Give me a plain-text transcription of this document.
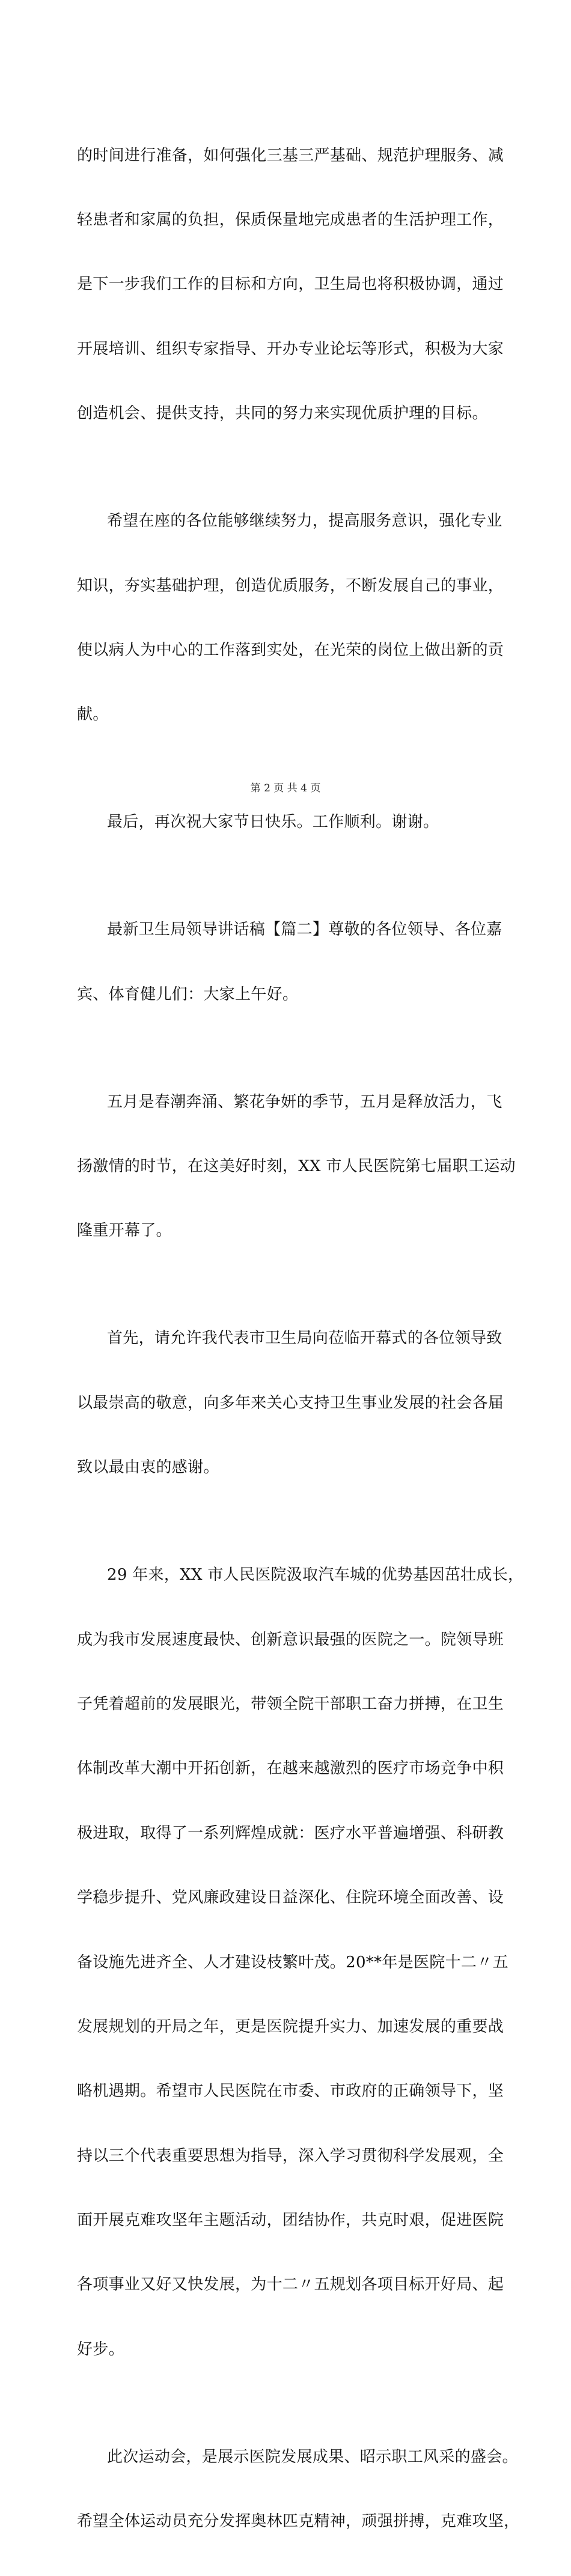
的时间进行准备，如何强化三基三严基础、规范护理服务、减

轻患者和家属的负担，保质保量地完成患者的生活护理工作，

是下一步我们工作的目标和方向，卫生局也将积极协调，通过

开展培训、组织专家指导、开办专业论坛等形式，积极为大家

创造机会、提供支持，共同的努力来实现优质护理的目标。

希望在座的各位能够继续努力，提高服务意识，强化专业

知识，夯实基础护理，创造优质服务，不断发展自己的事业，

使以病人为中心的工作落到实处，在光荣的岗位上做出新的贡

献。

最后，再次祝大家节日快乐。工作顺利。谢谢。

最新卫生局领导讲话稿【篇二】尊敬的各位领导、各位嘉

宾、体育健儿们：大家上午好。

五月是春潮奔涌、繁花争妍的季节，五月是释放活力，飞

扬激情的时节，在这美好时刻，XX 市人民医院第七届职工运动

隆重开幕了。

首先，请允许我代表市卫生局向莅临开幕式的各位领导致

以最崇高的敬意，向多年来关心支持卫生事业发展的社会各届

致以最由衷的感谢。

29 年来，XX 市人民医院汲取汽车城的优势基因茁壮成长，

成为我市发展速度最快、创新意识最强的医院之一。院领导班

子凭着超前的发展眼光，带领全院干部职工奋力拼搏，在卫生

体制改革大潮中开拓创新，在越来越激烈的医疗市场竞争中积

极进取，取得了一系列辉煌成就：医疗水平普遍增强、科研教

学稳步提升、党风廉政建设日益深化、住院环境全面改善、设

备设施先进齐全、人才建设枝繁叶茂。20**年是医院十二〃五

发展规划的开局之年，更是医院提升实力、加速发展的重要战

略机遇期。希望市人民医院在市委、市政府的正确领导下，坚

持以三个代表重要思想为指导，深入学习贯彻科学发展观，全

面开展克难攻坚年主题活动，团结协作，共克时艰，促进医院

各项事业又好又快发展，为十二〃五规划各项目标开好局、起

好步。

此次运动会，是展示医院发展成果、昭示职工风采的盛会。

希望全体运动员充分发挥奥林匹克精神，顽强拼搏，克难攻坚，

第 2 页 共 4 页
